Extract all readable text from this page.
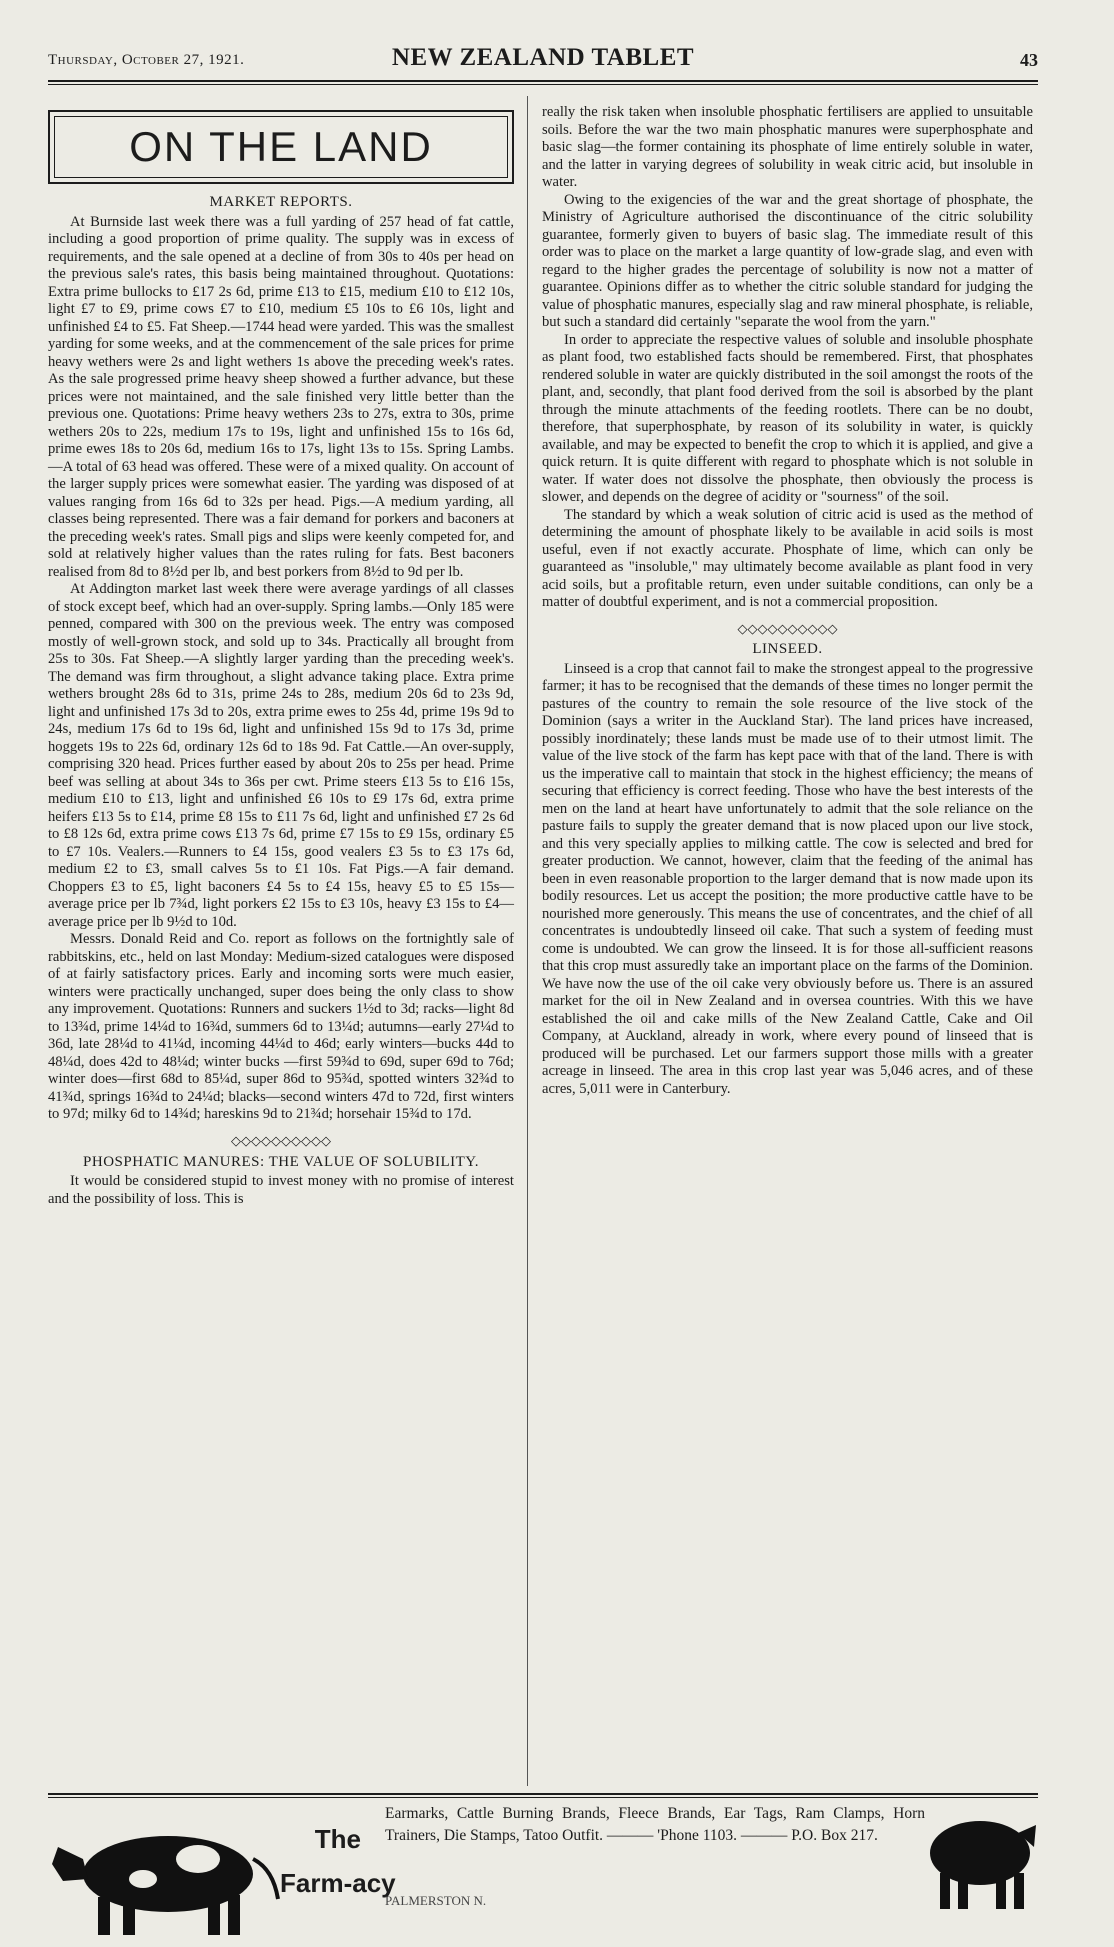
Thursday, October 27, 1921.	NEW ZEALAND TABLET	43
ON THE LAND
MARKET REPORTS.

At Burnside last week there was a full yarding of 257 head of fat cattle, including a good proportion of prime quality. The supply was in excess of requirements, and the sale opened at a decline of from 30s to 40s per head on the previous sale's rates, this basis being maintained throughout. Quotations: Extra prime bullocks to £17 2s 6d, prime £13 to £15, medium £10 to £12 10s, light £7 to £9, prime cows £7 to £10, medium £5 10s to £6 10s, light and unfinished £4 to £5. Fat Sheep.—1744 head were yarded. This was the smallest yarding for some weeks, and at the commencement of the sale prices for prime heavy wethers were 2s and light wethers 1s above the preceding week's rates. As the sale progressed prime heavy sheep showed a further advance, but these prices were not maintained, and the sale finished very little better than the previous one. Quotations: Prime heavy wethers 23s to 27s, extra to 30s, prime wethers 20s to 22s, medium 17s to 19s, light and unfinished 15s to 16s 6d, prime ewes 18s to 20s 6d, medium 16s to 17s, light 13s to 15s. Spring Lambs.—A total of 63 head was offered. These were of a mixed quality. On account of the larger supply prices were somewhat easier. The yarding was disposed of at values ranging from 16s 6d to 32s per head. Pigs.—A medium yarding, all classes being represented. There was a fair demand for porkers and baconers at the preceding week's rates. Small pigs and slips were keenly competed for, and sold at relatively higher values than the rates ruling for fats. Best baconers realised from 8d to 8½d per lb, and best porkers from 8½d to 9d per lb.

At Addington market last week there were average yardings of all classes of stock except beef, which had an over-supply. Spring lambs.—Only 185 were penned, compared with 300 on the previous week. The entry was composed mostly of well-grown stock, and sold up to 34s. Practically all brought from 25s to 30s. Fat Sheep.—A slightly larger yarding than the preceding week's. The demand was firm throughout, a slight advance taking place. Extra prime wethers brought 28s 6d to 31s, prime 24s to 28s, medium 20s 6d to 23s 9d, light and unfinished 17s 3d to 20s, extra prime ewes to 25s 4d, prime 19s 9d to 24s, medium 17s 6d to 19s 6d, light and unfinished 15s 9d to 17s 3d, prime hoggets 19s to 22s 6d, ordinary 12s 6d to 18s 9d. Fat Cattle.—An over-supply, comprising 320 head. Prices further eased by about 20s to 25s per head. Prime beef was selling at about 34s to 36s per cwt. Prime steers £13 5s to £16 15s, medium £10 to £13, light and unfinished £6 10s to £9 17s 6d, extra prime heifers £13 5s to £14, prime £8 15s to £11 7s 6d, light and unfinished £7 2s 6d to £8 12s 6d, extra prime cows £13 7s 6d, prime £7 15s to £9 15s, ordinary £5 to £7 10s. Vealers.—Runners to £4 15s, good vealers £3 5s to £3 17s 6d, medium £2 to £3, small calves 5s to £1 10s. Fat Pigs.—A fair demand. Choppers £3 to £5, light baconers £4 5s to £4 15s, heavy £5 to £5 15s—average price per lb 7¾d, light porkers £2 15s to £3 10s, heavy £3 15s to £4—average price per lb 9½d to 10d.

Messrs. Donald Reid and Co. report as follows on the fortnightly sale of rabbitskins, etc., held on last Monday: Medium-sized catalogues were disposed of at fairly satisfactory prices. Early and incoming sorts were much easier, winters were practically unchanged, super does being the only class to show any improvement. Quotations: Runners and suckers 1½d to 3d; racks—light 8d to 13¾d, prime 14¼d to 16¾d, summers 6d to 13¼d; autumns—early 27¼d to 36d, late 28¼d to 41¼d, incoming 44¼d to 46d; early winters—bucks 44d to 48¼d, does 42d to 48¼d; winter bucks —first 59¾d to 69d, super 69d to 76d; winter does—first 68d to 85¼d, super 86d to 95¾d, spotted winters 32¾d to 41¾d, springs 16¾d to 24¼d; blacks—second winters 47d to 72d, first winters to 97d; milky 6d to 14¾d; hareskins 9d to 21¾d; horsehair 15¾d to 17d.

◇◇◇◇◇◇◇◇◇◇
PHOSPHATIC MANURES: THE VALUE OF SOLUBILITY.

It would be considered stupid to invest money with no promise of interest and the possibility of loss. This is

really the risk taken when insoluble phosphatic fertilisers are applied to unsuitable soils. Before the war the two main phosphatic manures were superphosphate and basic slag—the former containing its phosphate of lime entirely soluble in water, and the latter in varying degrees of solubility in weak citric acid, but insoluble in water.

Owing to the exigencies of the war and the great shortage of phosphate, the Ministry of Agriculture authorised the discontinuance of the citric solubility guarantee, formerly given to buyers of basic slag. The immediate result of this order was to place on the market a large quantity of low-grade slag, and even with regard to the higher grades the percentage of solubility is now not a matter of guarantee. Opinions differ as to whether the citric soluble standard for judging the value of phosphatic manures, especially slag and raw mineral phosphate, is reliable, but such a standard did certainly "separate the wool from the yarn."

In order to appreciate the respective values of soluble and insoluble phosphate as plant food, two established facts should be remembered. First, that phosphates rendered soluble in water are quickly distributed in the soil amongst the roots of the plant, and, secondly, that plant food derived from the soil is absorbed by the plant through the minute attachments of the feeding rootlets. There can be no doubt, therefore, that superphosphate, by reason of its solubility in water, is quickly available, and may be expected to benefit the crop to which it is applied, and give a quick return. It is quite different with regard to phosphate which is not soluble in water. If water does not dissolve the phosphate, then obviously the process is slower, and depends on the degree of acidity or "sourness" of the soil.

The standard by which a weak solution of citric acid is used as the method of determining the amount of phosphate likely to be available in acid soils is most useful, even if not exactly accurate. Phosphate of lime, which can only be guaranteed as "insoluble," may ultimately become available as plant food in very acid soils, but a profitable return, even under suitable conditions, can only be a matter of doubtful experiment, and is not a commercial proposition.

◇◇◇◇◇◇◇◇◇◇
LINSEED.

Linseed is a crop that cannot fail to make the strongest appeal to the progressive farmer; it has to be recognised that the demands of these times no longer permit the pastures of the country to remain the sole resource of the live stock of the Dominion (says a writer in the Auckland Star). The land prices have increased, possibly inordinately; these lands must be made use of to their utmost limit. The value of the live stock of the farm has kept pace with that of the land. There is with us the imperative call to maintain that stock in the highest efficiency; the means of securing that efficiency is correct feeding. Those who have the best interests of the men on the land at heart have unfortunately to admit that the sole reliance on the pasture fails to supply the greater demand that is now placed upon our live stock, and this very specially applies to milking cattle. The cow is selected and bred for greater production. We cannot, however, claim that the feeding of the animal has been in even reasonable proportion to the larger demand that is now made upon its bodily resources. Let us accept the position; the more productive cattle have to be nourished more generously. This means the use of concentrates, and the chief of all concentrates is undoubtedly linseed oil cake. That such a system of feeding must come is undoubted. We can grow the linseed. It is for those all-sufficient reasons that this crop must assuredly take an important place on the farms of the Dominion. We have now the use of the oil cake very obviously before us. There is an assured market for the oil in New Zealand and in oversea countries. With this we have established the oil and cake mills of the New Zealand Cattle, Cake and Oil Company, at Auckland, already in work, where every pound of linseed that is produced will be purchased. Let our farmers support those mills with a greater acreage in linseed. The area in this crop last year was 5,046 acres, and of these acres, 5,011 were in Canterbury.

The
Farm-acy
Earmarks, Cattle Burning Brands, Fleece Brands, Ear Tags, Ram Clamps, Horn Trainers, Die Stamps, Tatoo Outfit. ——— 'Phone 1103. ——— P.O. Box 217.
PALMERSTON N.
